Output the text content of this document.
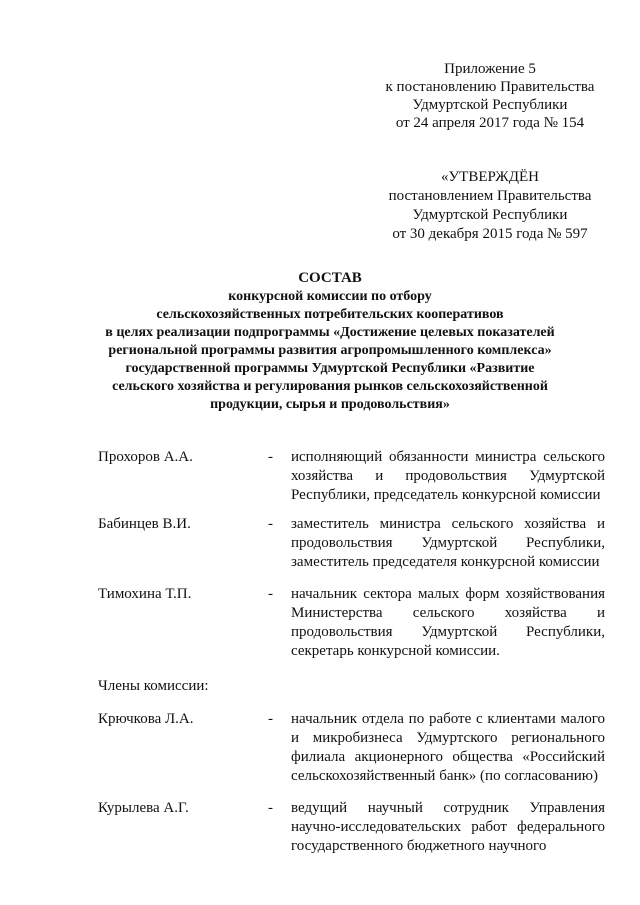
Приложение 5
к постановлению Правительства
Удмуртской Республики
от 24 апреля 2017 года № 154
«УТВЕРЖДЁН
постановлением Правительства
Удмуртской Республики
от 30 декабря 2015 года № 597
СОСТАВ
конкурсной комиссии по отбору
сельскохозяйственных потребительских кооперативов
в целях реализации подпрограммы «Достижение целевых показателей
региональной программы развития агропромышленного комплекса»
государственной программы Удмуртской Республики «Развитие
сельского хозяйства и регулирования рынков сельскохозяйственной
продукции, сырья и продовольствия»
Прохоров А.А.	-	исполняющий обязанности министра сельского хозяйства и продовольствия Удмуртской Республики, председатель конкурсной комиссии
Бабинцев В.И.	-	заместитель министра сельского хозяйства и продовольствия Удмуртской Республики, заместитель председателя конкурсной комиссии
Тимохина Т.П.	-	начальник сектора малых форм хозяйствования Министерства сельского хозяйства и продовольствия Удмуртской Республики, секретарь конкурсной комиссии.
Члены комиссии:
Крючкова Л.А.	-	начальник отдела по работе с клиентами малого и микробизнеса Удмуртского регионального филиала акционерного общества «Российский сельскохозяйственный банк» (по согласованию)
Курылева А.Г.	-	ведущий научный сотрудник Управления научно-исследовательских работ федерального государственного бюджетного научного
